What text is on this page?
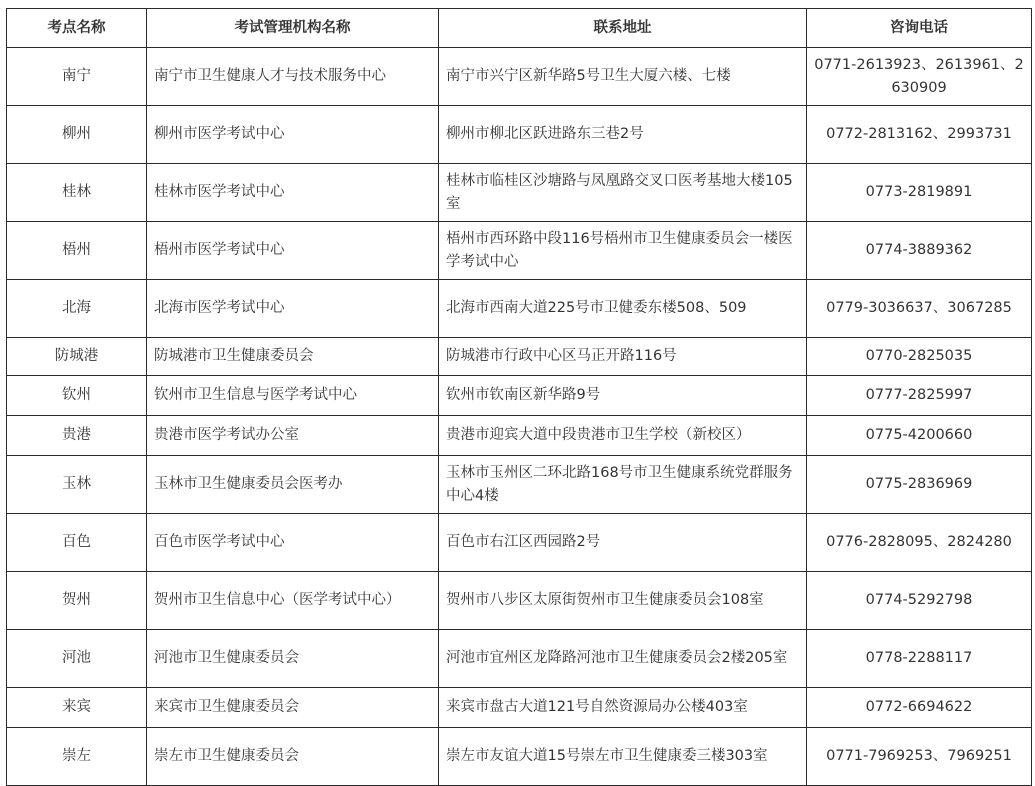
考点名称	考试管理机构名称	联系地址	咨询电话
南宁	南宁市卫生健康人才与技术服务中心	南宁市兴宁区新华路5号卫生大厦六楼、七楼	0771-2613923、2613961、2630909
柳州	柳州市医学考试中心	柳州市柳北区跃进路东三巷2号	0772-2813162、2993731
桂林	桂林市医学考试中心	桂林市临桂区沙塘路与凤凰路交叉口医考基地大楼105室	0773-2819891
梧州	梧州市医学考试中心	梧州市西环路中段116号梧州市卫生健康委员会一楼医学考试中心	0774-3889362
北海	北海市医学考试中心	北海市西南大道225号市卫健委东楼508、509	0779-3036637、3067285
防城港	防城港市卫生健康委员会	防城港市行政中心区马正开路116号	0770-2825035
钦州	钦州市卫生信息与医学考试中心	钦州市钦南区新华路9号	0777-2825997
贵港	贵港市医学考试办公室	贵港市迎宾大道中段贵港市卫生学校（新校区）	0775-4200660
玉林	玉林市卫生健康委员会医考办	玉林市玉州区二环北路168号市卫生健康系统党群服务中心4楼	0775-2836969
百色	百色市医学考试中心	百色市右江区西园路2号	0776-2828095、2824280
贺州	贺州市卫生信息中心（医学考试中心）	贺州市八步区太原街贺州市卫生健康委员会108室	0774-5292798
河池	河池市卫生健康委员会	河池市宜州区龙降路河池市卫生健康委员会2楼205室	0778-2288117
来宾	来宾市卫生健康委员会	来宾市盘古大道121号自然资源局办公楼403室	0772-6694622
崇左	崇左市卫生健康委员会	崇左市友谊大道15号崇左市卫生健康委三楼303室	0771-7969253、7969251
